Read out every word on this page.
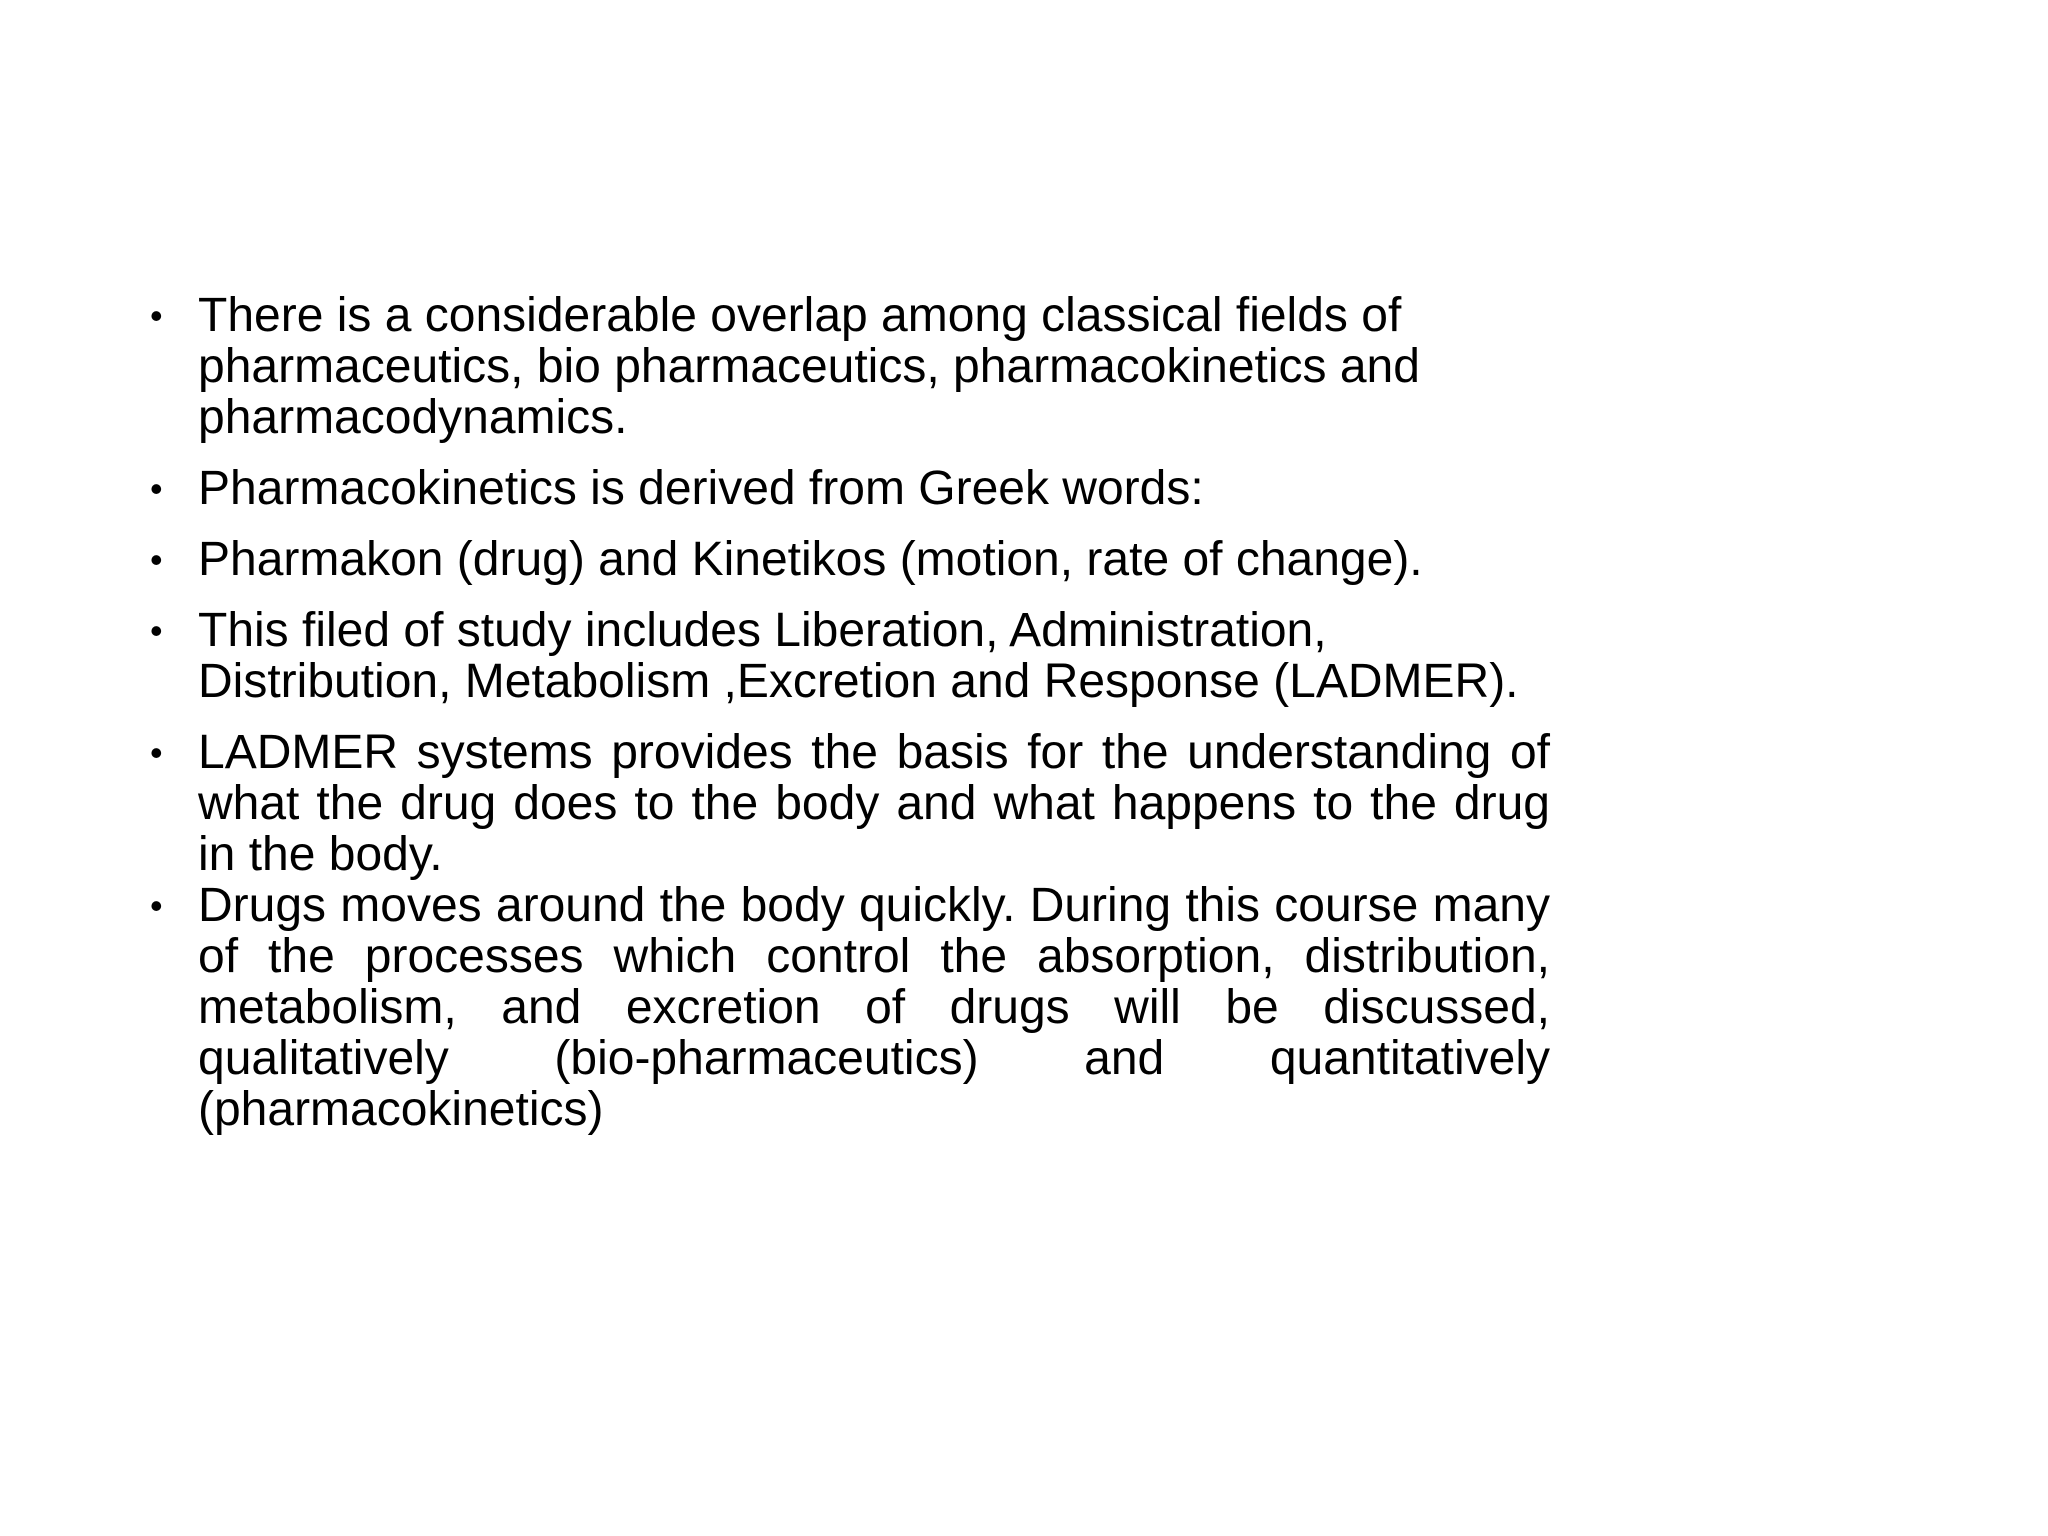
• There is a considerable overlap among classical fields of pharmaceutics, bio pharmaceutics, pharmacokinetics and pharmacodynamics.
• Pharmacokinetics is derived from Greek words:
• Pharmakon (drug) and Kinetikos (motion, rate of change).
• This filed of study includes Liberation, Administration, Distribution, Metabolism ,Excretion and Response (LADMER).
• LADMER systems provides the basis for the understanding of what the drug does to the body and what happens to the drug in the body.
• Drugs moves around the body quickly. During this course many of the processes which control the absorption, distribution, metabolism, and excretion of drugs will be discussed, qualitatively (bio-pharmaceutics) and quantitatively (pharmacokinetics)
